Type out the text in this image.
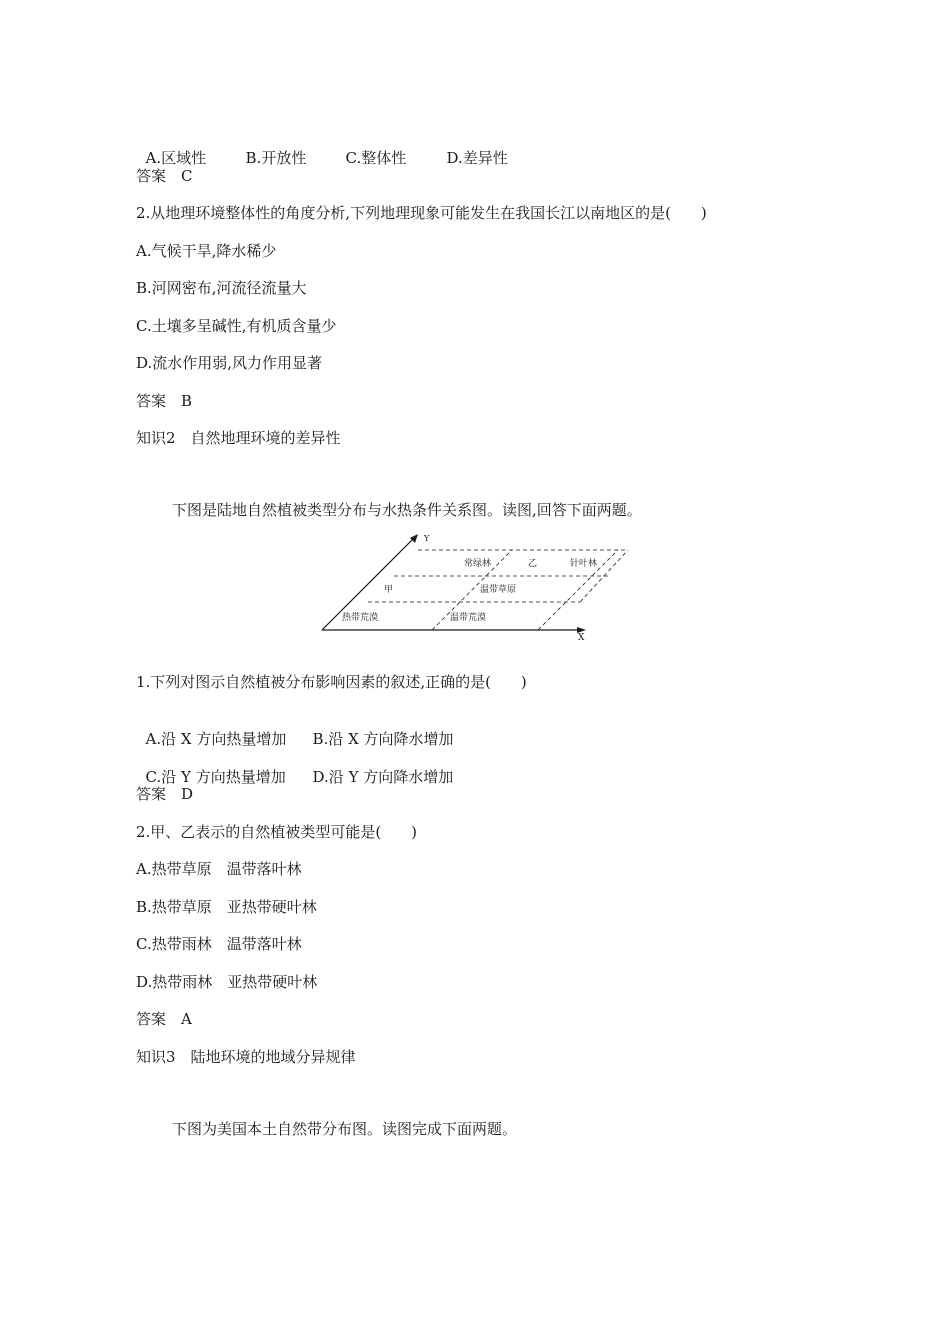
A.区域性	B.开放性	C.整体性	D.差异性

答案　C
2.从地理环境整体性的角度分析,下列地理现象可能发生在我国长江以南地区的是(　　)
A.气候干旱,降水稀少
B.河网密布,河流径流量大
C.土壤多呈碱性,有机质含量少
D.流水作用弱,风力作用显著
答案　B
知识2　自然地理环境的差异性
下图是陆地自然植被类型分布与水热条件关系图。读图,回答下面两题。
X
Y
常绿林	乙	针叶林
甲	温带草原
热带荒漠	温带荒漠
1.下列对图示自然植被分布影响因素的叙述,正确的是(　　)

A.沿 X 方向热量增加 B.沿 X 方向降水增加

C.沿 Y 方向热量增加 D.沿 Y 方向降水增加

答案　D
2.甲、乙表示的自然植被类型可能是(　　)
A.热带草原　温带落叶林
B.热带草原　亚热带硬叶林
C.热带雨林　温带落叶林
D.热带雨林　亚热带硬叶林
答案　A
知识3　陆地环境的地域分异规律
下图为美国本土自然带分布图。读图完成下面两题。
